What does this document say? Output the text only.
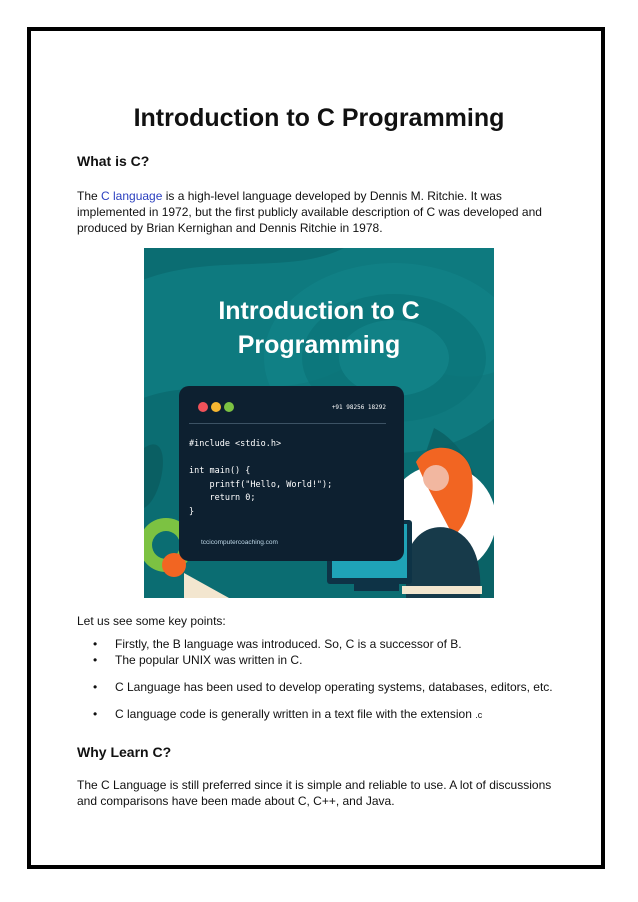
Introduction to C Programming
What is C?

The C language is a high-level language developed by Dennis M. Ritchie. It was implemented in 1972, but the first publicly available description of C was developed and produced by Brian Kernighan and Dennis Ritchie in 1978.

Introduction to C
Programming
+91 98256 18292
#include <stdio.h>

int main() {
printf("Hello, World!");
return 0;
}
tccicomputercoaching.com

Let us see some key points:

• Firstly, the B language was introduced. So, C is a successor of B.
• The popular UNIX was written in C.
• C Language has been used to develop operating systems, databases, editors, etc.
• C language code is generally written in a text file with the extension .c
Why Learn C?

The C Language is still preferred since it is simple and reliable to use. A lot of discussions and comparisons have been made about C, C++, and Java.
